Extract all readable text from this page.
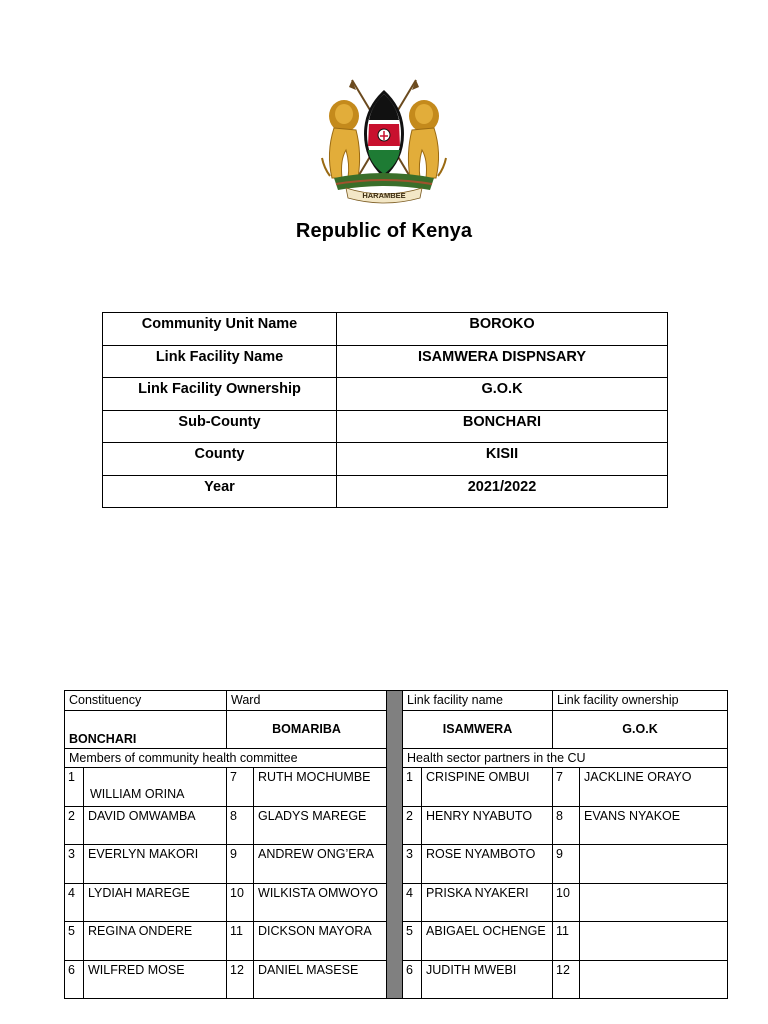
HARAMBEE
Republic of Kenya
Community Unit Name	BOROKO
Link Facility Name	ISAMWERA DISPNSARY
Link Facility Ownership	G.O.K
Sub-County	BONCHARI
County	KISII
Year	2021/2022
Constituency		Ward			Link facility name		Link facility ownership	
BONCHARI		BOMARIBA			ISAMWERA		G.O.K	
Members of community health committee					Health sector partners in the CU			
1	WILLIAM ORINA	7	RUTH MOCHUMBE		1	CRISPINE OMBUI	7	JACKLINE ORAYO
2	DAVID OMWAMBA	8	GLADYS MAREGE		2	HENRY NYABUTO	8	EVANS NYAKOE
3	EVERLYN MAKORI	9	ANDREW ONG’ERA		3	ROSE NYAMBOTO	9	
4	LYDIAH MAREGE	10	WILKISTA OMWOYO		4	PRISKA NYAKERI	10	
5	REGINA ONDERE	11	DICKSON MAYORA		5	ABIGAEL OCHENGE	11	
6	WILFRED MOSE	12	DANIEL MASESE		6	JUDITH MWEBI	12	
